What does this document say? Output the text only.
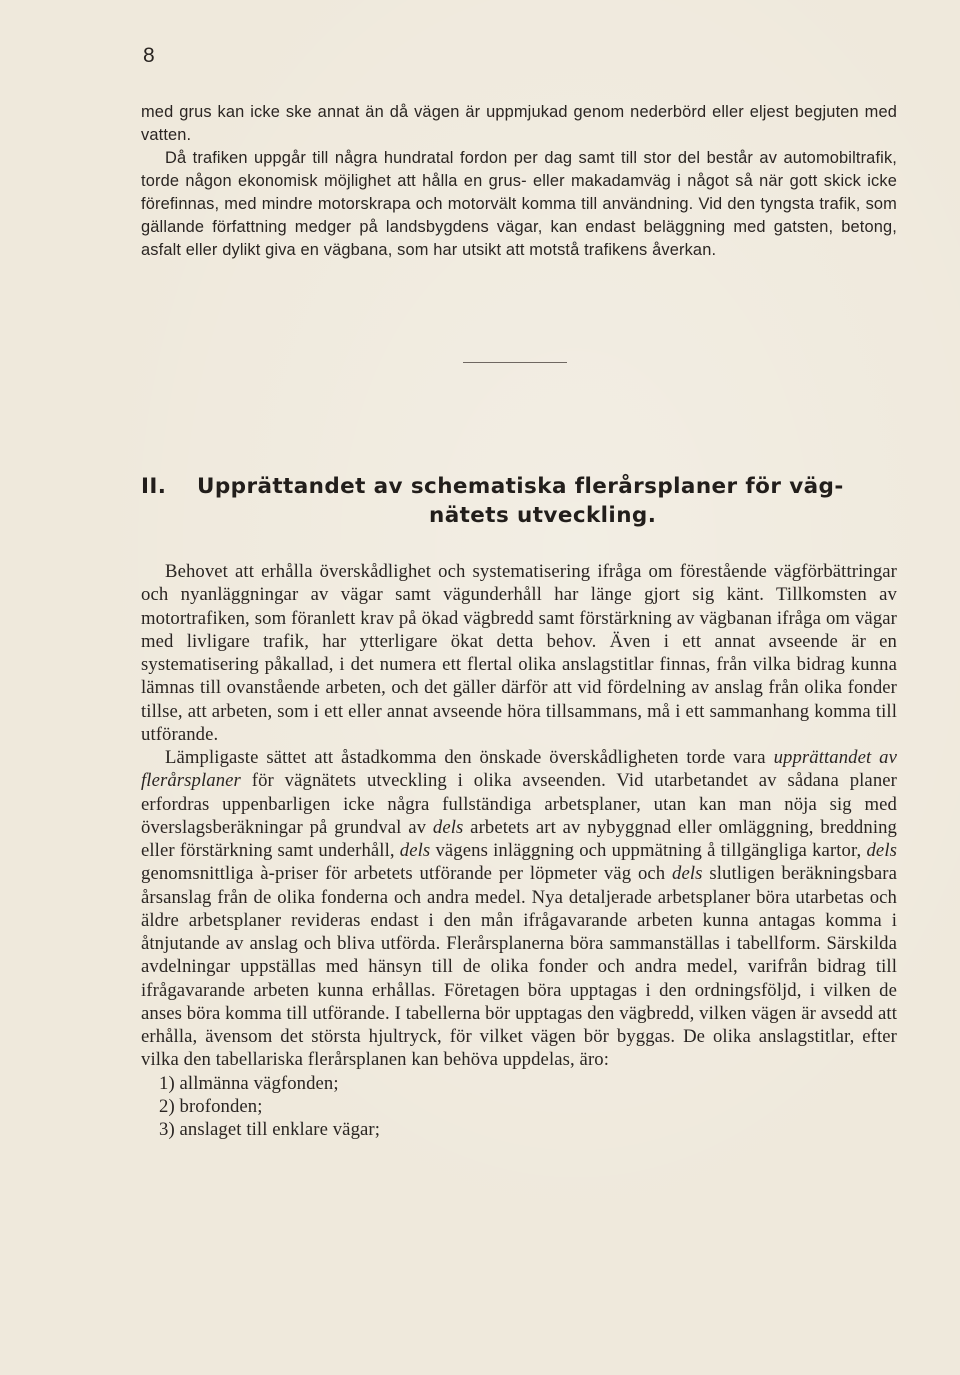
8

med grus kan icke ske annat än då vägen är uppmjukad genom nederbörd eller eljest begjuten med vatten.

Då trafiken uppgår till några hundratal fordon per dag samt till stor del består av automobiltrafik, torde någon ekonomisk möjlighet att hålla en grus- eller makadamväg i något så när gott skick icke förefinnas, med mindre motorskrapa och motorvält komma till användning. Vid den tyngsta trafik, som gällande författning medger på landsbygdens vägar, kan endast beläggning med gatsten, betong, asfalt eller dylikt giva en vägbana, som har utsikt att motstå trafikens åverkan.

II. Upprättandet av schematiska flerårsplaner för väg-
nätets utveckling.

Behovet att erhålla överskådlighet och systematisering ifråga om förestående vägförbättringar och nyanläggningar av vägar samt vägunderhåll har länge gjort sig känt. Tillkomsten av motortrafiken, som föranlett krav på ökad vägbredd samt förstärkning av vägbanan ifråga om vägar med livligare trafik, har ytterligare ökat detta behov. Även i ett annat avseende är en systematisering påkallad, i det numera ett flertal olika anslagstitlar finnas, från vilka bidrag kunna lämnas till ovanstående arbeten, och det gäller därför att vid fördelning av anslag från olika fonder tillse, att arbeten, som i ett eller annat avseende höra tillsammans, må i ett sammanhang komma till utförande.

Lämpligaste sättet att åstadkomma den önskade överskådligheten torde vara upprättandet av flerårsplaner för vägnätets utveckling i olika avseenden. Vid utarbetandet av sådana planer erfordras uppenbarligen icke några fullständiga arbetsplaner, utan kan man nöja sig med överslagsberäkningar på grundval av dels arbetets art av nybyggnad eller omläggning, breddning eller förstärkning samt underhåll, dels vägens inläggning och uppmätning å tillgängliga kartor, dels genomsnittliga à-priser för arbetets utförande per löpmeter väg och dels slutligen beräkningsbara årsanslag från de olika fonderna och andra medel. Nya detaljerade arbetsplaner böra utarbetas och äldre arbetsplaner revideras endast i den mån ifrågavarande arbeten kunna antagas komma i åtnjutande av anslag och bliva utförda. Flerårsplanerna böra sammanställas i tabellform. Särskilda avdelningar uppställas med hänsyn till de olika fonder och andra medel, varifrån bidrag till ifrågavarande arbeten kunna erhållas. Företagen böra upptagas i den ordningsföljd, i vilken de anses böra komma till utförande. I tabellerna bör upptagas den vägbredd, vilken vägen är avsedd att erhålla, ävensom det största hjultryck, för vilket vägen bör byggas. De olika anslagstitlar, efter vilka den tabellariska flerårsplanen kan behöva uppdelas, äro:

1) allmänna vägfonden;
2) brofonden;
3) anslaget till enklare vägar;
